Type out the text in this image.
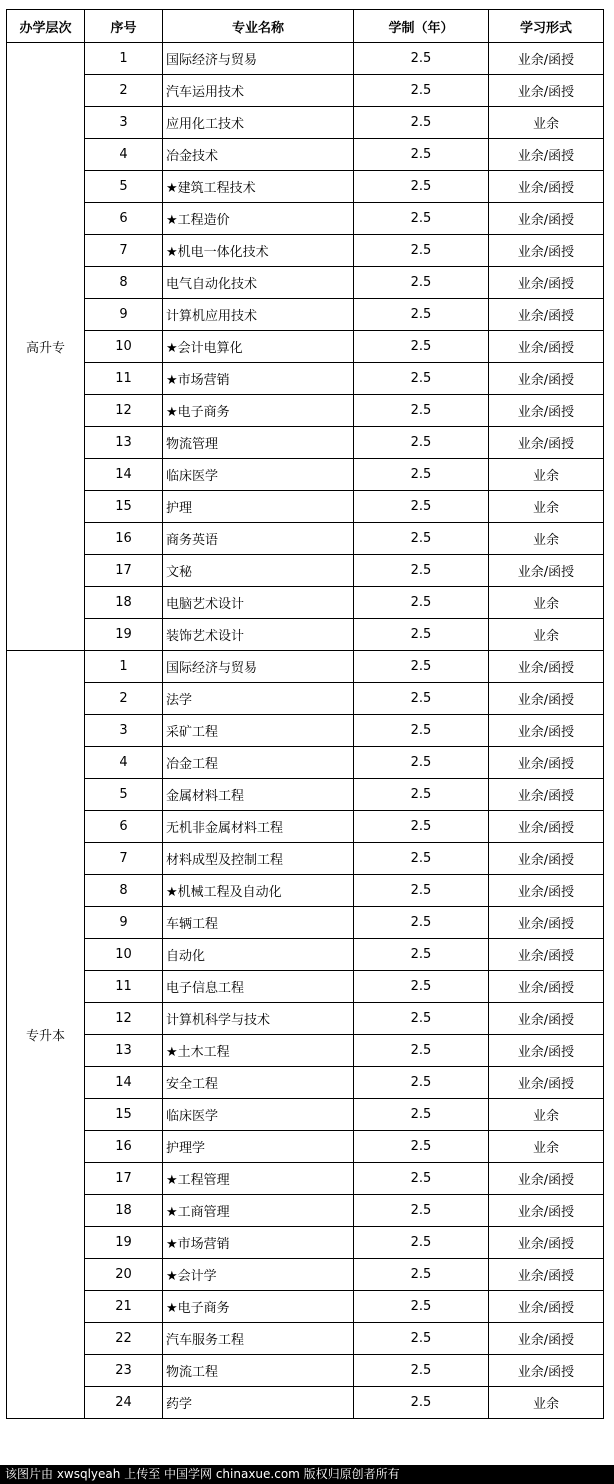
办学层次	序号	专业名称	学制（年）	学习形式
高升专	1	国际经济与贸易	2.5	业余/函授
	2	汽车运用技术	2.5	业余/函授
	3	应用化工技术	2.5	业余
	4	冶金技术	2.5	业余/函授
	5	★建筑工程技术	2.5	业余/函授
	6	★工程造价	2.5	业余/函授
	7	★机电一体化技术	2.5	业余/函授
	8	电气自动化技术	2.5	业余/函授
	9	计算机应用技术	2.5	业余/函授
	10	★会计电算化	2.5	业余/函授
	11	★市场营销	2.5	业余/函授
	12	★电子商务	2.5	业余/函授
	13	物流管理	2.5	业余/函授
	14	临床医学	2.5	业余
	15	护理	2.5	业余
	16	商务英语	2.5	业余
	17	文秘	2.5	业余/函授
	18	电脑艺术设计	2.5	业余
	19	装饰艺术设计	2.5	业余
专升本	1	国际经济与贸易	2.5	业余/函授
	2	法学	2.5	业余/函授
	3	采矿工程	2.5	业余/函授
	4	冶金工程	2.5	业余/函授
	5	金属材料工程	2.5	业余/函授
	6	无机非金属材料工程	2.5	业余/函授
	7	材料成型及控制工程	2.5	业余/函授
	8	★机械工程及自动化	2.5	业余/函授
	9	车辆工程	2.5	业余/函授
	10	自动化	2.5	业余/函授
	11	电子信息工程	2.5	业余/函授
	12	计算机科学与技术	2.5	业余/函授
	13	★土木工程	2.5	业余/函授
	14	安全工程	2.5	业余/函授
	15	临床医学	2.5	业余
	16	护理学	2.5	业余
	17	★工程管理	2.5	业余/函授
	18	★工商管理	2.5	业余/函授
	19	★市场营销	2.5	业余/函授
	20	★会计学	2.5	业余/函授
	21	★电子商务	2.5	业余/函授
	22	汽车服务工程	2.5	业余/函授
	23	物流工程	2.5	业余/函授
	24	药学	2.5	业余
该图片由 xwsqlyeah 上传至 中国学网 chinaxue.com 版权归原创者所有
